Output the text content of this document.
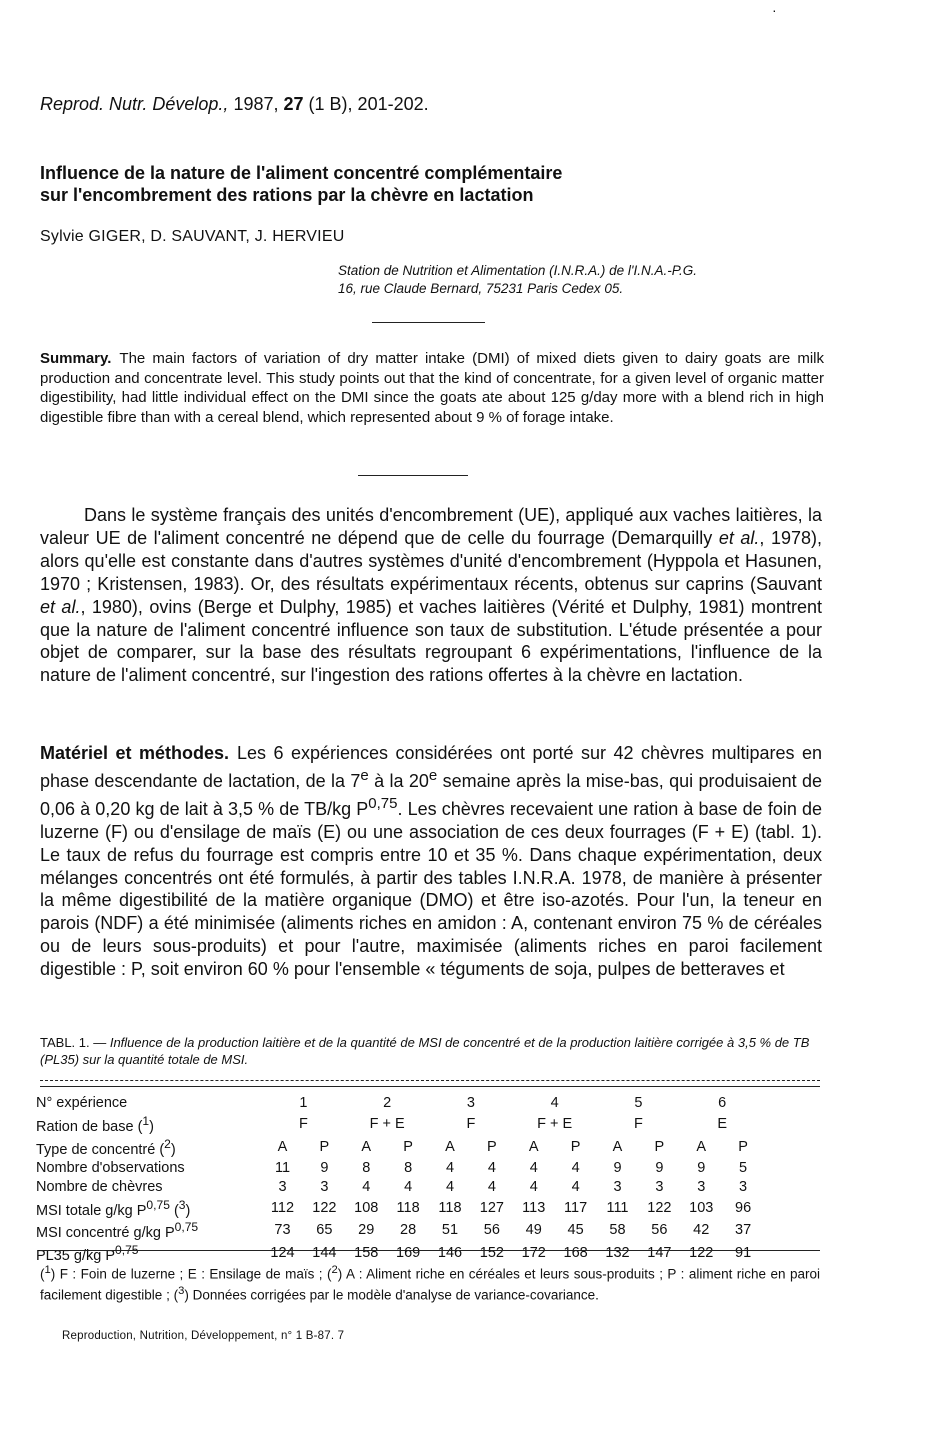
·
Reprod. Nutr. Dévelop., 1987, 27 (1 B), 201-202.
Influence de la nature de l'aliment concentré complémentaire
sur l'encombrement des rations par la chèvre en lactation
Sylvie GIGER, D. SAUVANT, J. HERVIEU
Station de Nutrition et Alimentation (I.N.R.A.) de l'I.N.A.-P.G.
16, rue Claude Bernard, 75231 Paris Cedex 05.
Summary. The main factors of variation of dry matter intake (DMI) of mixed diets given to dairy goats are milk production and concentrate level. This study points out that the kind of concentrate, for a given level of organic matter digestibility, had little individual effect on the DMI since the goats ate about 125 g/day more with a blend rich in high digestible fibre than with a cereal blend, which represented about 9 % of forage intake.
Dans le système français des unités d'encombrement (UE), appliqué aux vaches laitières, la valeur UE de l'aliment concentré ne dépend que de celle du fourrage (Demarquilly et al., 1978), alors qu'elle est constante dans d'autres systèmes d'unité d'encombrement (Hyppola et Hasunen, 1970 ; Kristensen, 1983). Or, des résultats expérimentaux récents, obtenus sur caprins (Sauvant et al., 1980), ovins (Berge et Dulphy, 1985) et vaches laitières (Vérité et Dulphy, 1981) montrent que la nature de l'aliment concentré influence son taux de substitution. L'étude présentée a pour objet de comparer, sur la base des résultats regroupant 6 expérimentations, l'influence de la nature de l'aliment concentré, sur l'ingestion des rations offertes à la chèvre en lactation.
Matériel et méthodes. Les 6 expériences considérées ont porté sur 42 chèvres multipares en phase descendante de lactation, de la 7e à la 20e semaine après la mise-bas, qui produisaient de 0,06 à 0,20 kg de lait à 3,5 % de TB/kg P$^{0,75}$. Les chèvres recevaient une ration à base de foin de luzerne (F) ou d'ensilage de maïs (E) ou une association de ces deux fourrages (F + E) (tabl. 1). Le taux de refus du fourrage est compris entre 10 et 35 %. Dans chaque expérimentation, deux mélanges concentrés ont été formulés, à partir des tables I.N.R.A. 1978, de manière à présenter la même digestibilité de la matière organique (DMO) et être iso-azotés. Pour l'un, la teneur en parois (NDF) a été minimisée (aliments riches en amidon : A, contenant environ 75 % de céréales ou de leurs sous-produits) et pour l'autre, maximisée (aliments riches en paroi facilement digestible : P, soit environ 60 % pour l'ensemble « téguments de soja, pulpes de betteraves et
TABL. 1. — Influence de la production laitière et de la quantité de MSI de concentré et de la production laitière corrigée à 3,5 % de TB (PL35) sur la quantité totale de MSI.
N° expérience	1		2		3		4		5		6	
Ration de base ($^1$)	F		F + E		F		F + E		F		E	
Type de concentré ($^2$)	A	P	A	P	A	P	A	P	A	P	A	P
Nombre d'observations	11	9	8	8	4	4	4	4	9	9	9	5
Nombre de chèvres	3	3	4	4	4	4	4	4	3	3	3	3
MSI totale g/kg P$^{0,75}$ ($^3$)	112	122	108	118	118	127	113	117	111	122	103	96
MSI concentré g/kg P$^{0,75}$	73	65	29	28	51	56	49	45	58	56	42	37
PL35 g/kg P$^{0,75}$	124	144	158	169	146	152	172	168	132	147	122	91
($^1$) F : Foin de luzerne ; E : Ensilage de maïs ; ($^2$) A : Aliment riche en céréales et leurs sous-produits ; P : aliment riche en paroi facilement digestible ; ($^3$) Données corrigées par le modèle d'analyse de variance-covariance.
Reproduction, Nutrition, Développement, n° 1 B-87. 7
